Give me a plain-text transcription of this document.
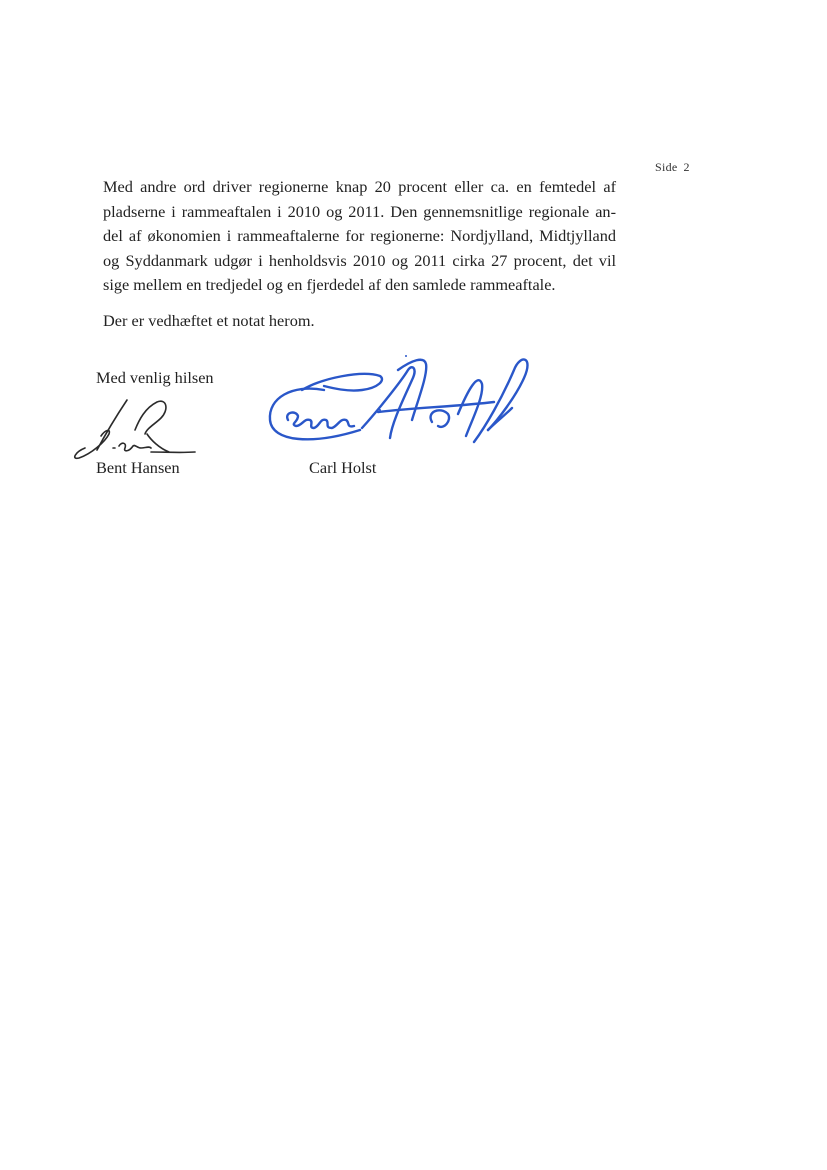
Side 2

Med andre ord driver regionerne knap 20 procent eller ca. en femtedel af
pladserne i rammeaftalen i 2010 og 2011. Den gennemsnitlige regionale an-
del af økonomien i rammeaftalerne for regionerne: Nordjylland, Midtjylland
og Syddanmark udgør i henholdsvis 2010 og 2011 cirka 27 procent, det vil
sige mellem en tredjedel og en fjerdedel af den samlede rammeaftale.

Der er vedhæftet et notat herom.

Med venlig hilsen

Bent Hansen	Carl Holst
